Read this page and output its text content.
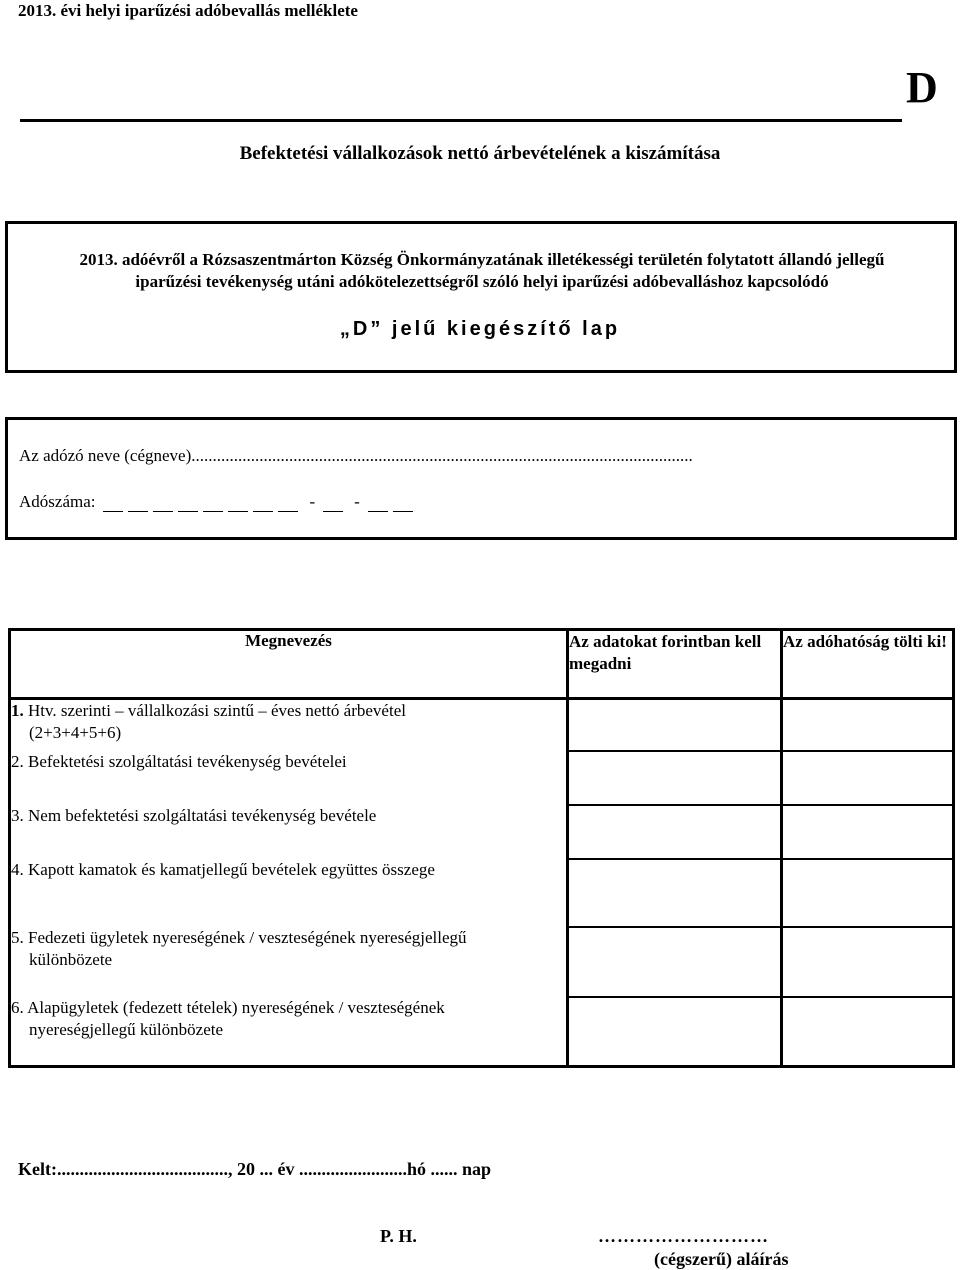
2013. évi helyi iparűzési adóbevallás melléklete
D
Befektetési vállalkozások nettó árbevételének a kiszámítása
2013. adóévről a Rózsaszentmárton Község Önkormányzatának illetékességi területén folytatott állandó jellegű
iparűzési tevékenység utáni adókötelezettségről szóló helyi iparűzési adóbevalláshoz kapcsolódó
„D” jelű kiegészítő lap
Az adózó neve (cégneve)......................................................................................................................
Adószáma:	- -
Megnevezés	Az adatokat forintban kell megadni	Az adóhatóság tölti ki!
1. Htv. szerinti – vállalkozási szintű – éves nettó árbevétel
(2+3+4+5+6)		

2. Befektetési szolgáltatási tevékenység bevételei		
3. Nem befektetési szolgáltatási tevékenység bevétele		
4. Kapott kamatok és kamatjellegű bevételek együttes összege		
5. Fedezeti ügyletek nyereségének / veszteségének nyereségjellegű
különbözete		

6. Alapügyletek (fedezett tételek) nyereségének / veszteségének
nyereségjellegű különbözete		

Kelt:......................................, 20 ... év ........................hó ...... nap
P. H.	………………………
(cégszerű) aláírás
